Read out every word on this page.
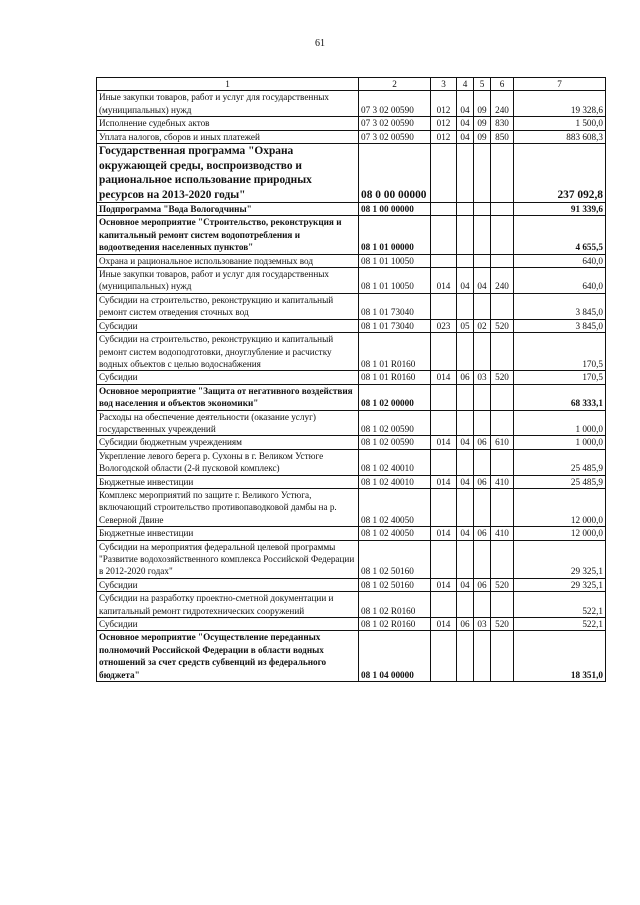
61
1	2	3	4	5	6	7
Иные закупки товаров, работ и услуг для государственных (муниципальных) нужд	07 3 02 00590	012	04	09	240	19 328,6
Исполнение судебных актов	07 3 02 00590	012	04	09	830	1 500,0
Уплата налогов, сборов и иных платежей	07 3 02 00590	012	04	09	850	883 608,3
Государственная программа "Охрана окружающей среды, воспроизводство и рациональное использование природных ресурсов на 2013-2020 годы"	08 0 00 00000					237 092,8
Подпрограмма "Вода Вологодчины"	08 1 00 00000					91 339,6
Основное мероприятие "Строительство, реконструкция и капитальный ремонт систем водопотребления и водоотведения населенных пунктов"	08 1 01 00000					4 655,5
Охрана и рациональное использование подземных вод	08 1 01 10050					640,0
Иные закупки товаров, работ и услуг для государственных (муниципальных) нужд	08 1 01 10050	014	04	04	240	640,0
Субсидии на строительство, реконструкцию и капитальный ремонт систем отведения сточных вод	08 1 01 73040					3 845,0
Субсидии	08 1 01 73040	023	05	02	520	3 845,0
Субсидии на строительство, реконструкцию и капитальный ремонт систем водоподготовки, дноуглубление и расчистку водных объектов с целью водоснабжения	08 1 01 R0160					170,5
Субсидии	08 1 01 R0160	014	06	03	520	170,5
Основное мероприятие "Защита от негативного воздействия вод населения и объектов экономики"	08 1 02 00000					68 333,1
Расходы на обеспечение деятельности (оказание услуг) государственных учреждений	08 1 02 00590					1 000,0
Субсидии бюджетным учреждениям	08 1 02 00590	014	04	06	610	1 000,0
Укрепление левого берега р. Сухоны в г. Великом Устюге Вологодской области (2-й пусковой комплекс)	08 1 02 40010					25 485,9
Бюджетные инвестиции	08 1 02 40010	014	04	06	410	25 485,9
Комплекс мероприятий по защите г. Великого Устюга, включающий строительство противопаводковой дамбы на р. Северной Двине	08 1 02 40050					12 000,0
Бюджетные инвестиции	08 1 02 40050	014	04	06	410	12 000,0
Субсидии на мероприятия федеральной целевой программы "Развитие водохозяйственного комплекса Российской Федерации в 2012-2020 годах"	08 1 02 50160					29 325,1
Субсидии	08 1 02 50160	014	04	06	520	29 325,1
Субсидии на разработку проектно-сметной документации и капитальный ремонт гидротехнических сооружений	08 1 02 R0160					522,1
Субсидии	08 1 02 R0160	014	06	03	520	522,1
Основное мероприятие "Осуществление переданных полномочий Российской Федерации в области водных отношений за счет средств субвенций из федерального бюджета"	08 1 04 00000					18 351,0
